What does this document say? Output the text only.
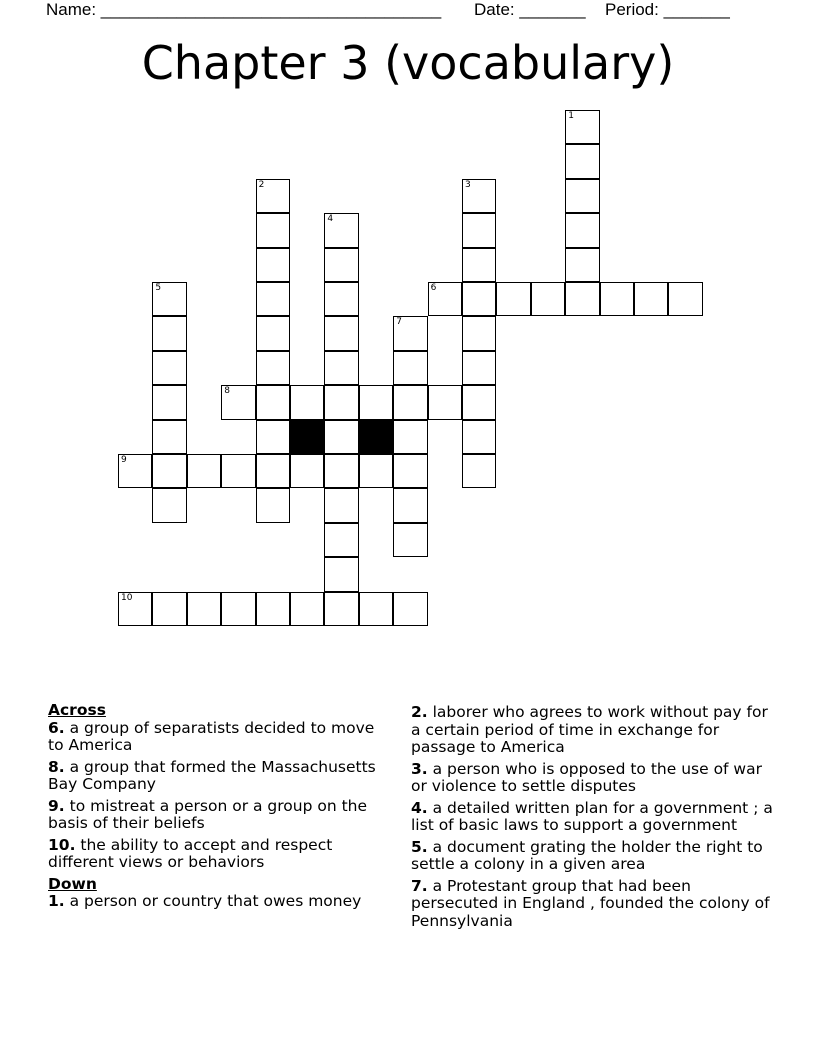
Name: ____________________________________ Date: _______ Period: _______
Chapter 3 (vocabulary)
1
2	3
4
5	6
7
8
9
10
Across
6. a group of separatists decided to move to America
8. a group that formed the Massachusetts Bay Company
9. to mistreat a person or a group on the basis of their beliefs
10. the ability to accept and respect different views or behaviors
Down
1. a person or country that owes money
2. laborer who agrees to work without pay for a certain period of time in exchange for passage to America
3. a person who is opposed to the use of war or violence to settle disputes
4. a detailed written plan for a government ; a list of basic laws to support a government
5. a document grating the holder the right to settle a colony in a given area
7. a Protestant group that had been persecuted in England , founded the colony of Pennsylvania
